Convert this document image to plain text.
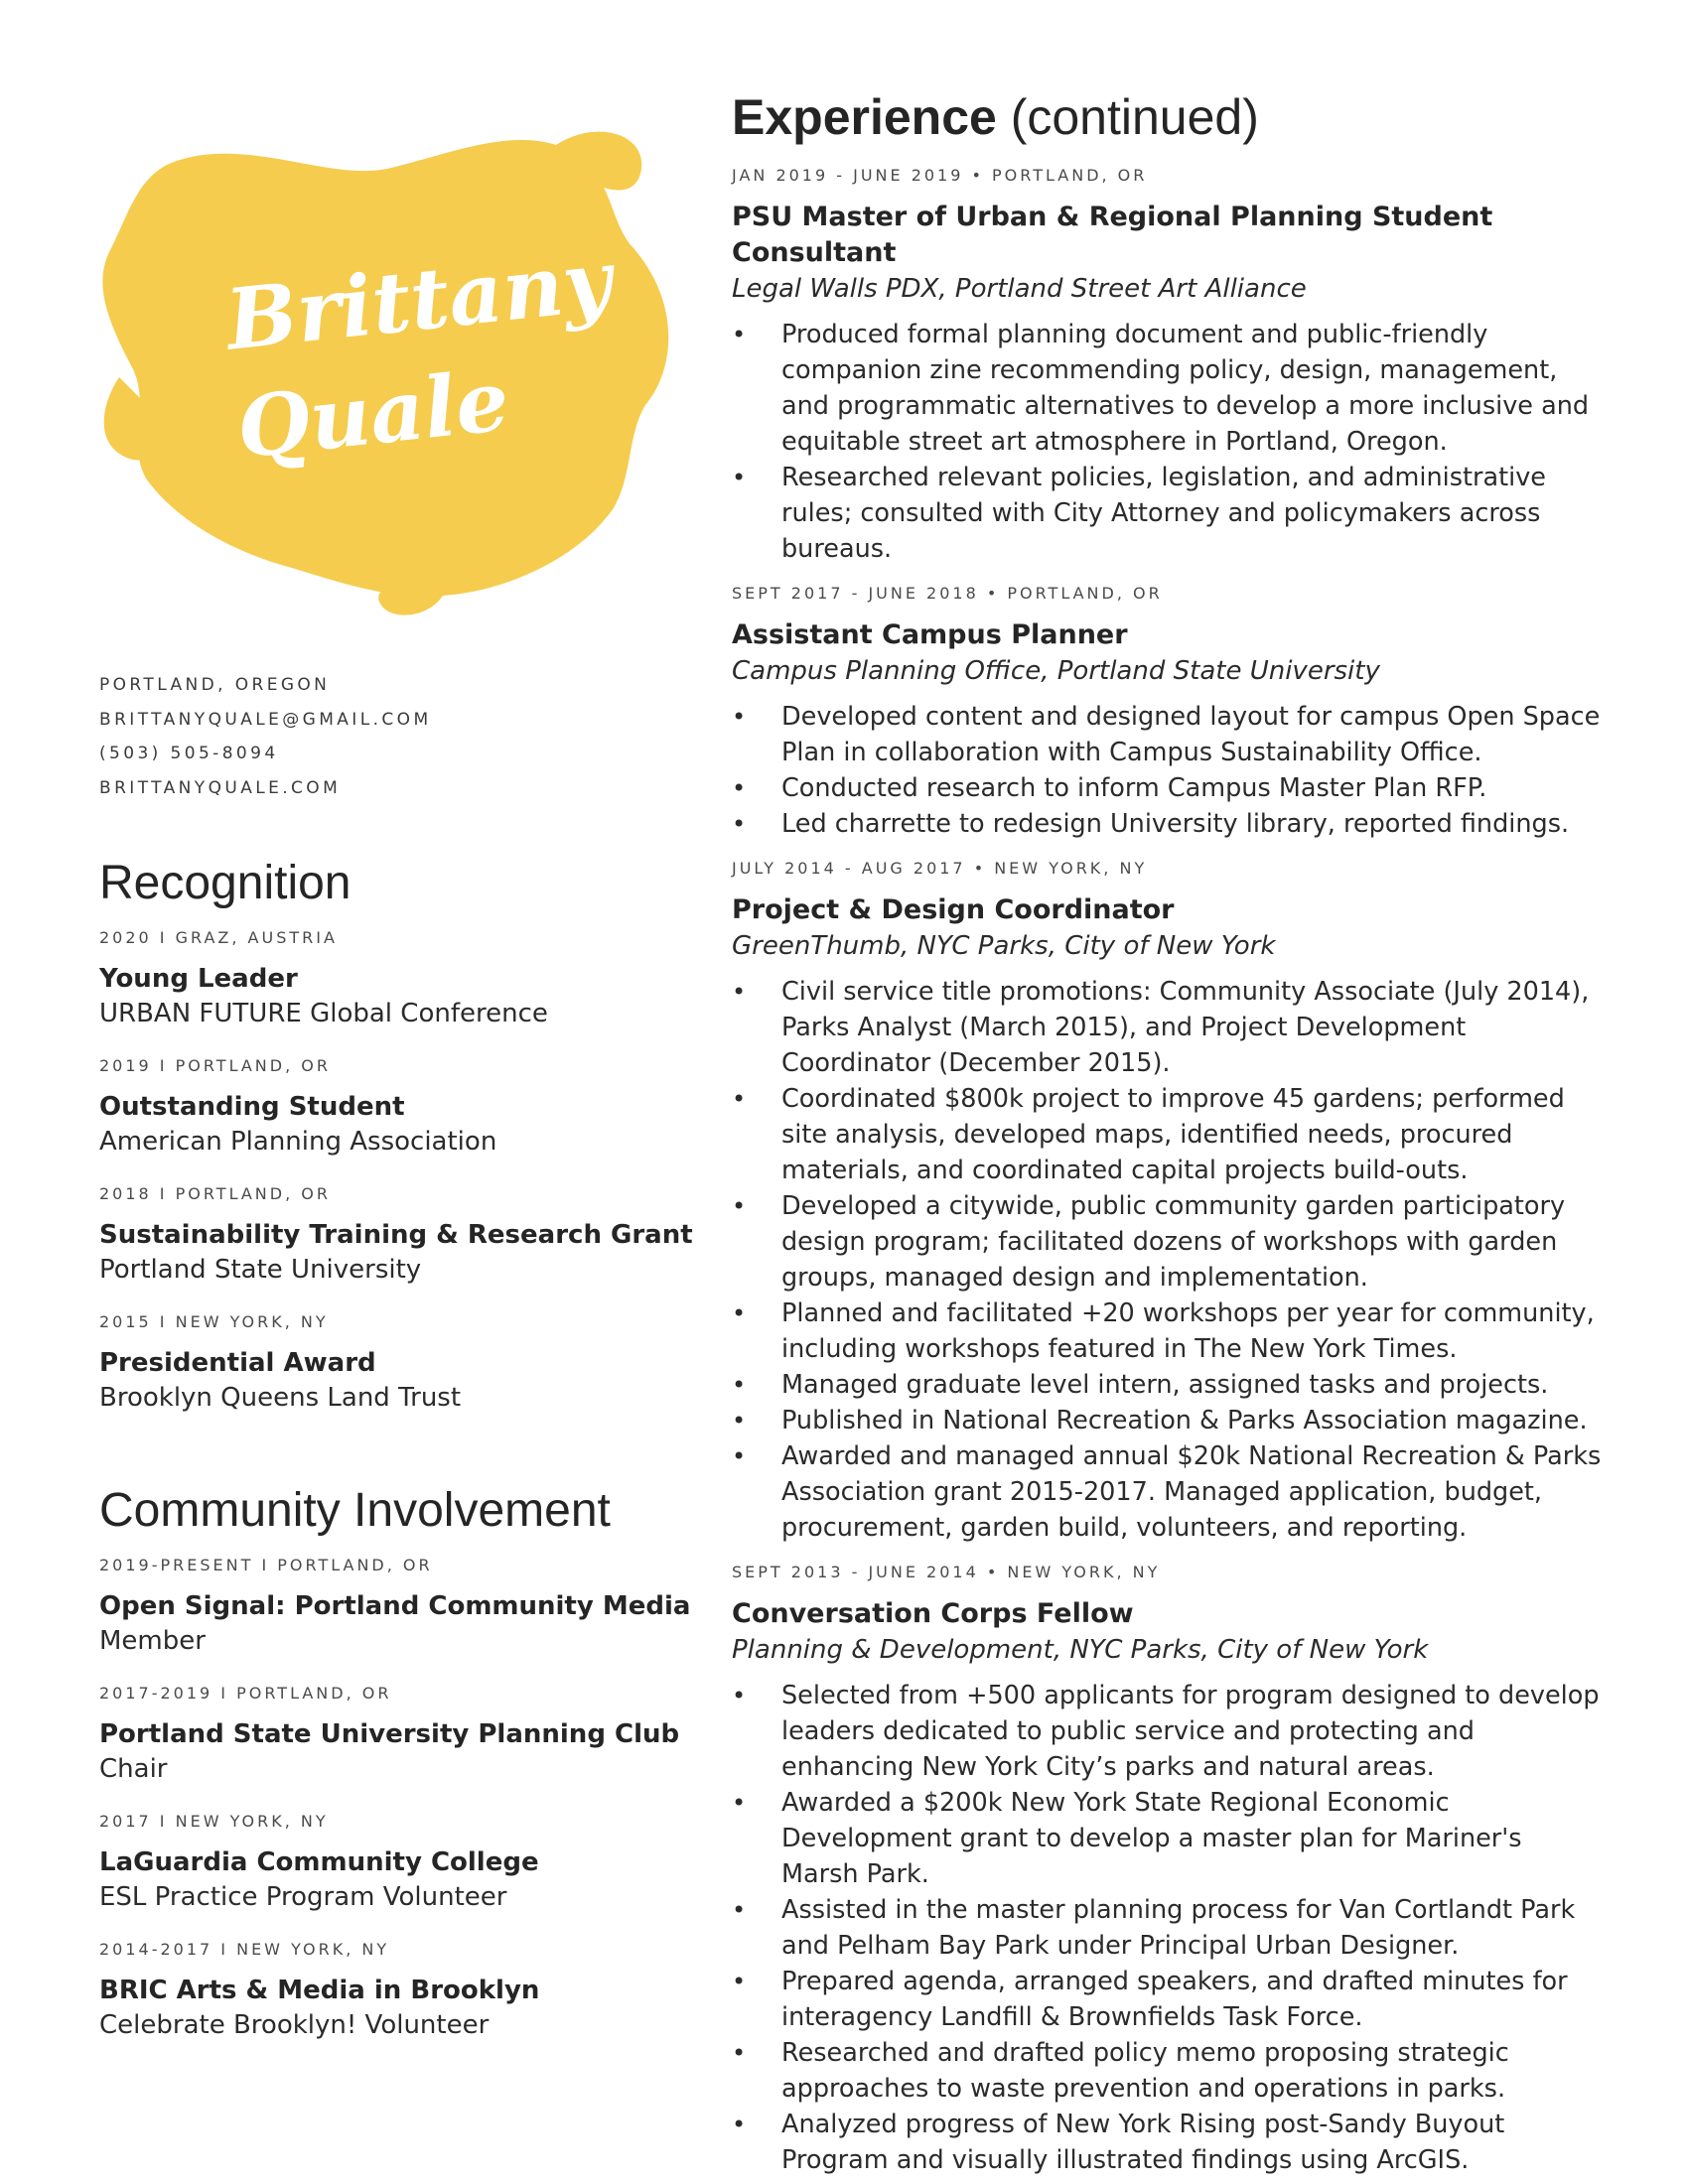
Brittany
Quale
PORTLAND, OREGON
BRITTANYQUALE@GMAIL.COM
(503) 505-8094
BRITTANYQUALE.COM
Recognition
2020 I GRAZ, AUSTRIA
Young Leader
URBAN FUTURE Global Conference
2019 I PORTLAND, OR
Outstanding Student
American Planning Association
2018 I PORTLAND, OR
Sustainability Training & Research Grant
Portland State University
2015 I NEW YORK, NY
Presidential Award
Brooklyn Queens Land Trust
Community Involvement
2019-PRESENT I PORTLAND, OR
Open Signal: Portland Community Media
Member
2017-2019 I PORTLAND, OR
Portland State University Planning Club
Chair
2017 I NEW YORK, NY
LaGuardia Community College
ESL Practice Program Volunteer
2014-2017 I NEW YORK, NY
BRIC Arts & Media in Brooklyn
Celebrate Brooklyn! Volunteer
Experience (continued)
JAN 2019 - JUNE 2019 • PORTLAND, OR
PSU Master of Urban & Regional Planning Student Consultant
Legal Walls PDX, Portland Street Art Alliance
• Produced formal planning document and public-friendly companion zine recommending policy, design, management, and programmatic alternatives to develop a more inclusive and equitable street art atmosphere in Portland, Oregon.
• Researched relevant policies, legislation, and administrative rules; consulted with City Attorney and policymakers across bureaus.
SEPT 2017 - JUNE 2018 • PORTLAND, OR
Assistant Campus Planner
Campus Planning Office, Portland State University
• Developed content and designed layout for campus Open Space Plan in collaboration with Campus Sustainability Office.
• Conducted research to inform Campus Master Plan RFP.
• Led charrette to redesign University library, reported findings.
JULY 2014 - AUG 2017 • NEW YORK, NY
Project & Design Coordinator
GreenThumb, NYC Parks, City of New York
• Civil service title promotions: Community Associate (July 2014), Parks Analyst (March 2015), and Project Development Coordinator (December 2015).
• Coordinated $800k project to improve 45 gardens; performed site analysis, developed maps, identified needs, procured materials, and coordinated capital projects build-outs.
• Developed a citywide, public community garden participatory design program; facilitated dozens of workshops with garden groups, managed design and implementation.
• Planned and facilitated +20 workshops per year for community, including workshops featured in The New York Times.
• Managed graduate level intern, assigned tasks and projects.
• Published in National Recreation & Parks Association magazine.
• Awarded and managed annual $20k National Recreation & Parks Association grant 2015-2017. Managed application, budget, procurement, garden build, volunteers, and reporting.
SEPT 2013 - JUNE 2014 • NEW YORK, NY
Conversation Corps Fellow
Planning & Development, NYC Parks, City of New York
• Selected from +500 applicants for program designed to develop leaders dedicated to public service and protecting and enhancing New York City’s parks and natural areas.
• Awarded a $200k New York State Regional Economic Development grant to develop a master plan for Mariner's Marsh Park.
• Assisted in the master planning process for Van Cortlandt Park and Pelham Bay Park under Principal Urban Designer.
• Prepared agenda, arranged speakers, and drafted minutes for interagency Landfill & Brownfields Task Force.
• Researched and drafted policy memo proposing strategic approaches to waste prevention and operations in parks.
• Analyzed progress of New York Rising post-Sandy Buyout Program and visually illustrated findings using ArcGIS.
